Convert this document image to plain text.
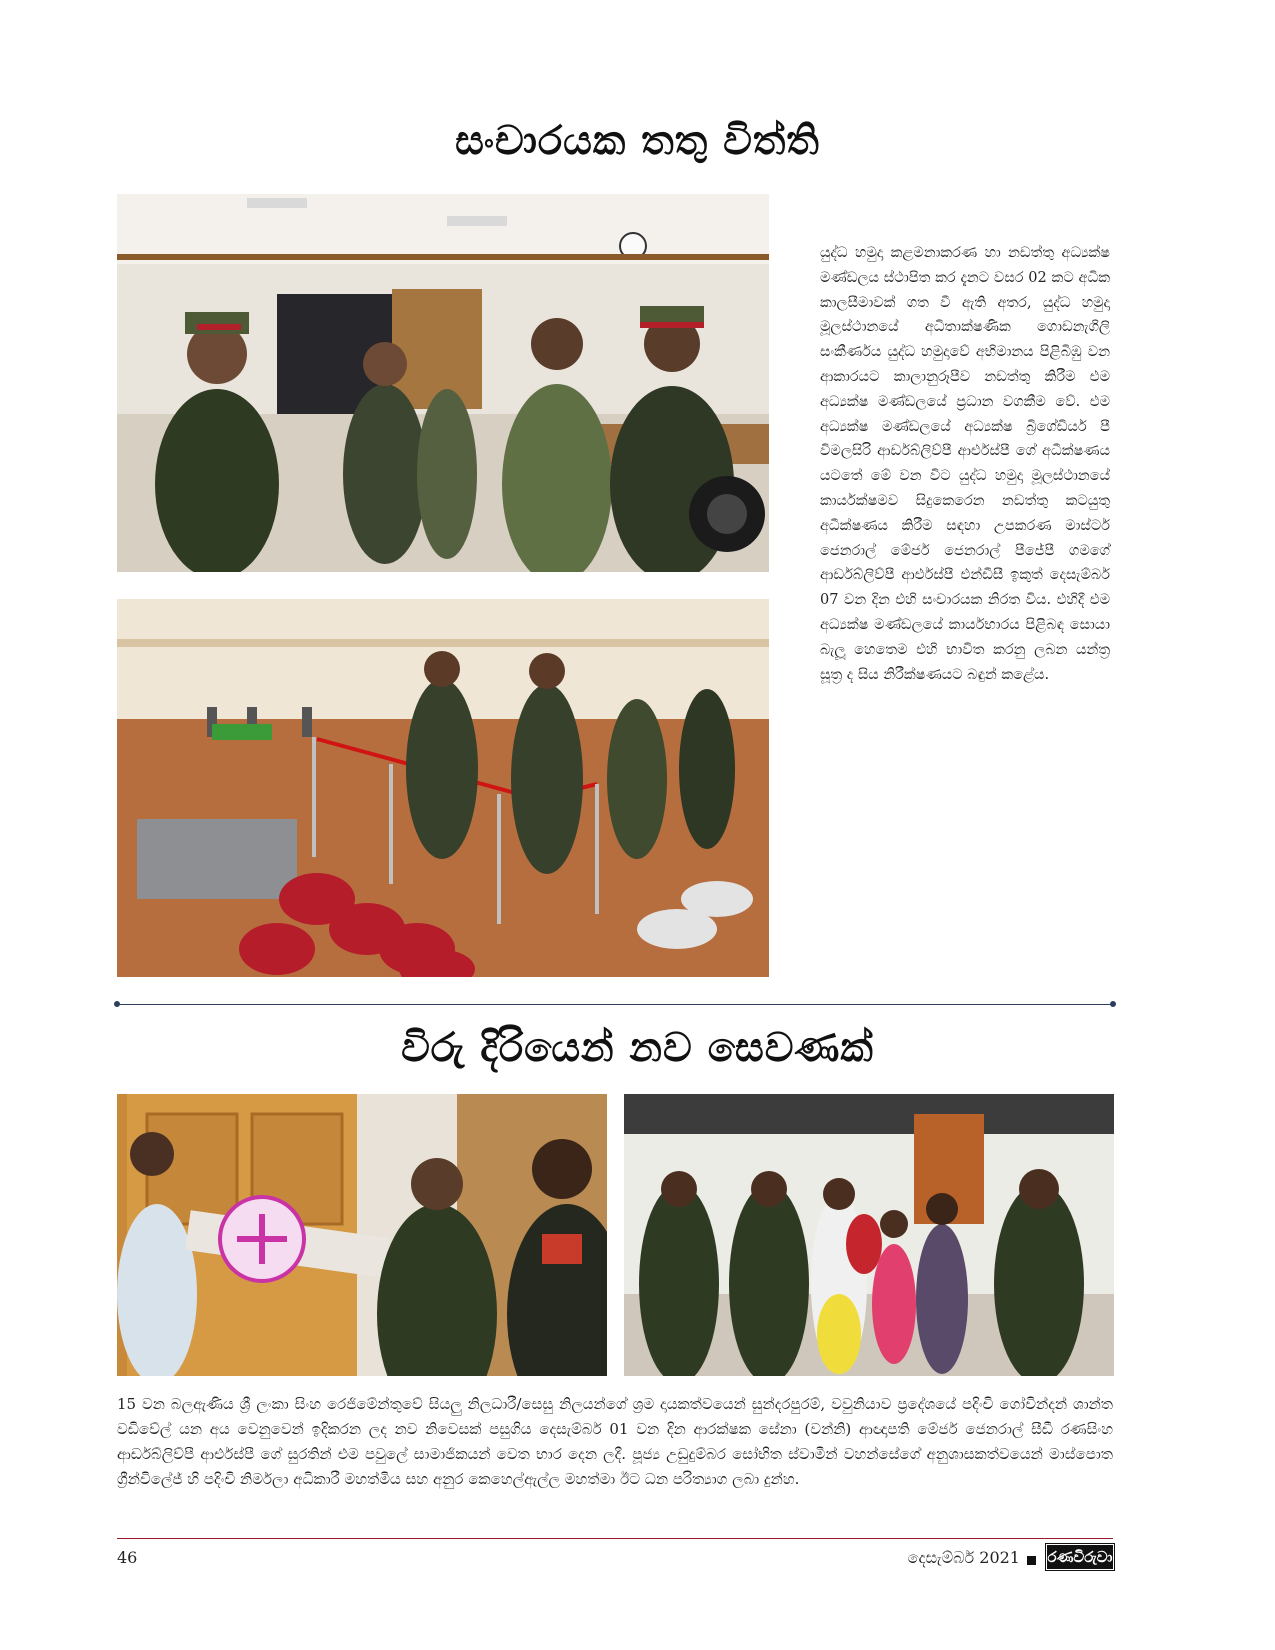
සංචාරයක තතු විත්ති
යුද්ධ හමුදා කළමනාකරණ හා නඩත්තු අධ්‍යක්ෂ මණ්ඩලය ස්ථාපිත කර දැනට වසර 02 කට අධික කාලසීමාවක් ගත වී ඇති අතර, යුද්ධ හමුදා මූලස්ථානයේ අධිතාක්ෂණික ගොඩනැගිලි සංකීර්ණය යුද්ධ හමුදාවේ අභිමානය පිළිබිඹු වන ආකාරයට කාලානුරූපීව නඩත්තු කිරීම එම අධ්‍යක්ෂ මණ්ඩලයේ ප්‍රධාන වගකීම වේ. එම අධ්‍යක්ෂ මණ්ඩලයේ අධ්‍යක්ෂ බ්‍රිගේඩියර් පී විමලසිරි ආර්ඩබ්ලිව්පී ආර්එස්පී ගේ අධීක්ෂණය යටතේ මේ වන විට යුද්ධ හමුදා මූලස්ථානයේ කාර්යක්ෂමව සිදුකෙරෙන නඩත්තු කටයුතු අධීක්ෂණය කිරීම සඳහා උපකරණ මාස්ටර් ජෙනරාල් මේජර් ජෙනරාල් පීජේපී ගමගේ ආර්ඩබ්ලිව්පී ආර්එස්පී එන්ඩීසී ඉකුත් දෙසැම්බර් 07 වන දින එහි සංචාරයක නිරත විය. එහිදී එම අධ්‍යක්ෂ මණ්ඩලයේ කාර්යභාරය පිළිබඳ සොයා බැලූ හෙතෙම එහි භාවිත කරනු ලබන යන්ත්‍ර සූත්‍ර ද සිය නිරීක්ෂණයට බඳුන් කළේය.
විරු දිරියෙන් නව සෙවණක්
15 වන බලඇණිය ශ්‍රී ලංකා සිංහ රෙජිමේන්තුවේ සියලු නිලධාරී/සෙසු නිලයන්ගේ ශ්‍රම දායකත්වයෙන් සුන්දරපුරම්, වවුනියාව ප්‍රදේශයේ පදිංචි ගෝවින්දන් ශාන්ත වඩිවේල් යන අය වෙනුවෙන් ඉදිකරන ලද නව නිවෙසක් පසුගිය දෙසැම්බර් 01 වන දින ආරක්ෂක සේනා (වන්නි) ආඥාපති මේජර් ජෙනරාල් සීඩී රණසිංහ ආර්ඩබ්ලිව්පී ආර්එස්පී ගේ සුරතින් එම පවුලේ සාමාජිකයන් වෙත භාර දෙන ලදී. පූජ්‍ය උඩුදුම්බර සෝභිත ස්වාමීන් වහන්සේගේ අනුශාසකත්වයෙන් මාස්පොත ග්‍රීන්විලේජ් හි පදිංචි නිර්මලා අධිකාරී මහත්මිය සහ අනුර කෙහෙල්ඇල්ල මහත්මා ඊට ධන පරිත්‍යාග ලබා දුන්හ.
46	දෙසැම්බර් 2021 රණවිරුවා
